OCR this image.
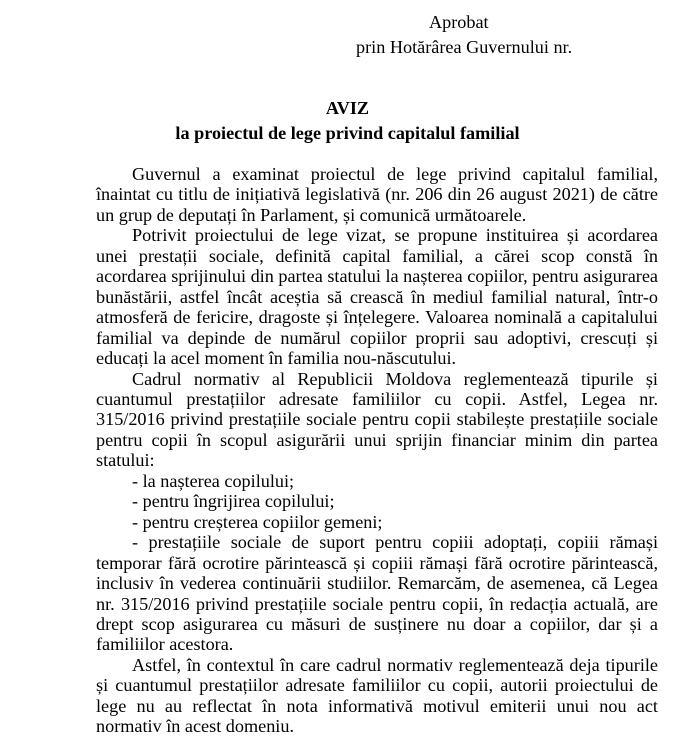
Aprobat
prin Hotărârea Guvernului nr.
AVIZ
la proiectul de lege privind capitalul familial

Guvernul a examinat proiectul de lege privind capitalul familial, înaintat cu titlu de inițiativă legislativă (nr. 206 din 26 august 2021) de către un grup de deputați în Parlament, și comunică următoarele.

Potrivit proiectului de lege vizat, se propune instituirea și acordarea unei prestații sociale, definită capital familial, a cărei scop constă în acordarea sprijinului din partea statului la nașterea copiilor, pentru asigurarea bunăstării, astfel încât aceștia să crească în mediul familial natural, într-o atmosferă de fericire, dragoste și înțelegere. Valoarea nominală a capitalului familial va depinde de numărul copiilor proprii sau adoptivi, crescuți și educați la acel moment în familia nou-născutului.

Cadrul normativ al Republicii Moldova reglementează tipurile și cuantumul prestațiilor adresate familiilor cu copii. Astfel, Legea nr. 315/2016 privind prestațiile sociale pentru copii stabilește prestațiile sociale pentru copii în scopul asigurării unui sprijin financiar minim din partea statului:

- la nașterea copilului;

- pentru îngrijirea copilului;

- pentru creșterea copiilor gemeni;

- prestațiile sociale de suport pentru copiii adoptați, copiii rămași temporar fără ocrotire părintească și copiii rămași fără ocrotire părintească, inclusiv în vederea continuării studiilor. Remarcăm, de asemenea, că Legea nr. 315/2016 privind prestațiile sociale pentru copii, în redacția actuală, are drept scop asigurarea cu măsuri de susținere nu doar a copiilor, dar și a familiilor acestora.

Astfel, în contextul în care cadrul normativ reglementează deja tipurile și cuantumul prestațiilor adresate familiilor cu copii, autorii proiectului de lege nu au reflectat în nota informativă motivul emiterii unui nou act normativ în acest domeniu.
